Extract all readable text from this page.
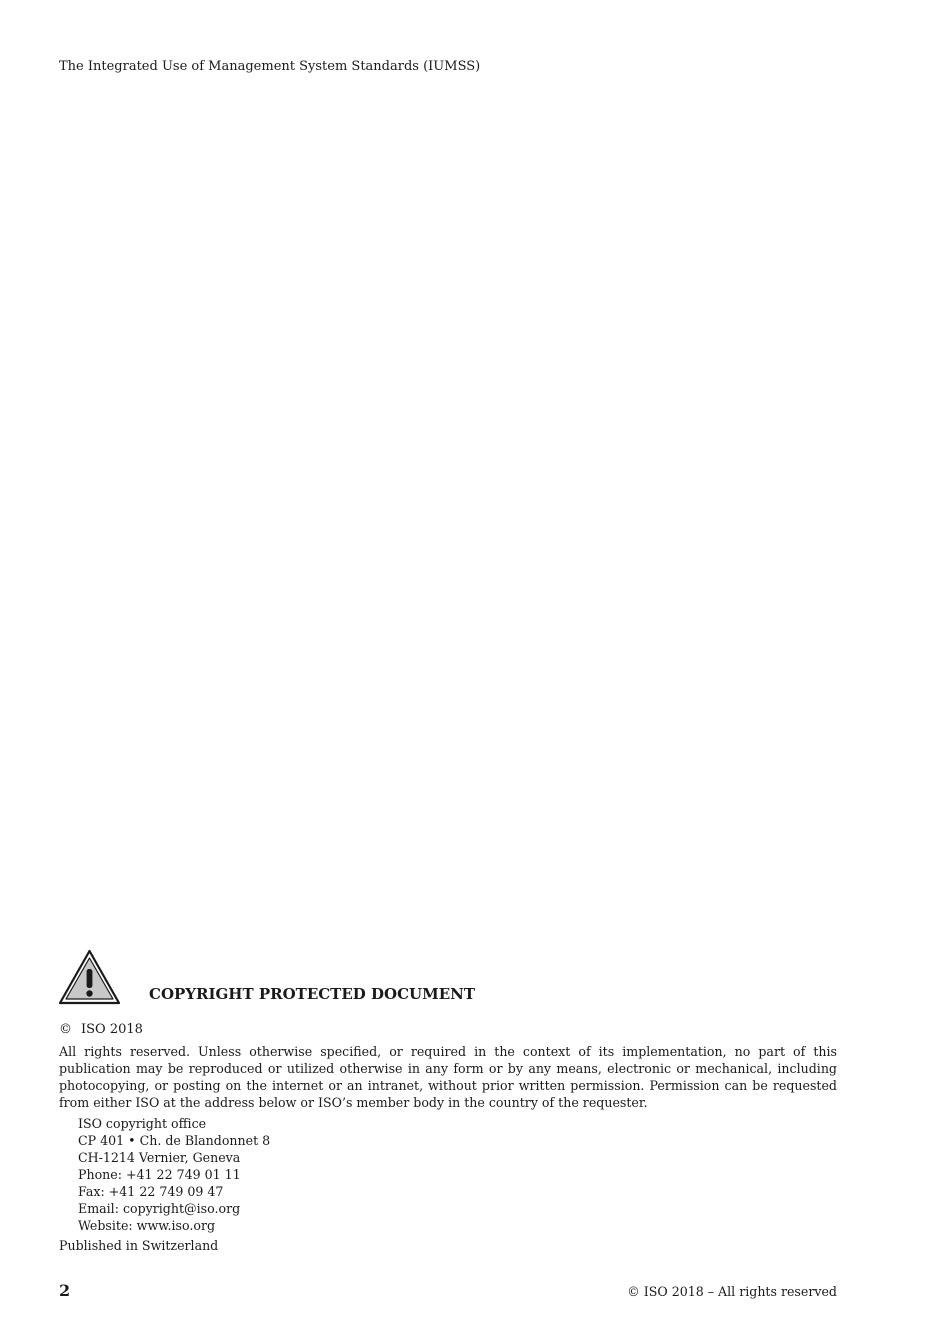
The Integrated Use of Management System Standards (IUMSS)
COPYRIGHT PROTECTED DOCUMENT
© ISO 2018
All rights reserved. Unless otherwise specified, or required in the context of its implementation, no part of this publication may be reproduced or utilized otherwise in any form or by any means, electronic or mechanical, including photocopying, or posting on the internet or an intranet, without prior written permission. Permission can be requested from either ISO at the address below or ISO’s member body in the country of the requester.
ISO copyright office
CP 401 • Ch. de Blandonnet 8
CH-1214 Vernier, Geneva
Phone: +41 22 749 01 11
Fax: +41 22 749 09 47
Email: copyright@iso.org
Website: www.iso.org
Published in Switzerland
2	© ISO 2018 – All rights reserved
